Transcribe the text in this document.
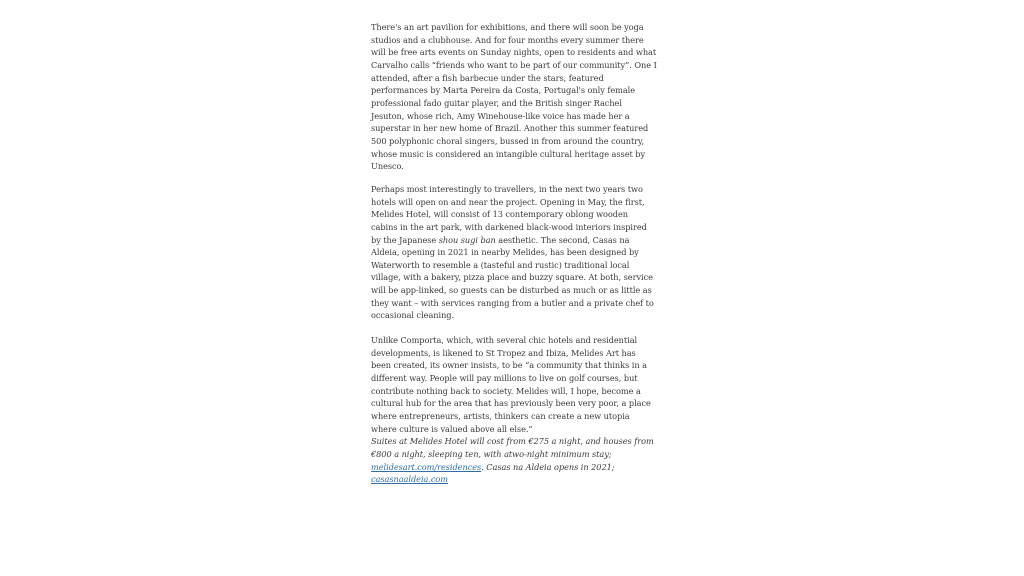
There's an art pavilion for exhibitions, and there will soon be yoga studios and a clubhouse. And for four months every summer there will be free arts events on Sunday nights, open to residents and what Carvalho calls “friends who want to be part of our community”. One I attended, after a fish barbecue under the stars, featured performances by Marta Pereira da Costa, Portugal's only female professional fado guitar player, and the British singer Rachel Jesuton, whose rich, Amy Winehouse-like voice has made her a superstar in her new home of Brazil. Another this summer featured 500 polyphonic choral singers, bussed in from around the country, whose music is considered an intangible cultural heritage asset by Unesco.

Perhaps most interestingly to travellers, in the next two years two hotels will open on and near the project. Opening in May, the first, Melides Hotel, will consist of 13 contemporary oblong wooden cabins in the art park, with darkened black-wood interiors inspired by the Japanese shou sugi ban aesthetic. The second, Casas na Aldeia, opening in 2021 in nearby Melides, has been designed by Waterworth to resemble a (tasteful and rustic) traditional local village, with a bakery, pizza place and buzzy square. At both, service will be app-linked, so guests can be disturbed as much or as little as they want – with services ranging from a butler and a private chef to occasional cleaning.

Unlike Comporta, which, with several chic hotels and residential developments, is likened to St Tropez and Ibiza, Melides Art has been created, its owner insists, to be “a community that thinks in a different way. People will pay millions to live on golf courses, but contribute nothing back to society. Melides will, I hope, become a cultural hub for the area that has previously been very poor, a place where entrepreneurs, artists, thinkers can create a new utopia where culture is valued above all else.”

Suites at Melides Hotel will cost from €275 a night, and houses from €800 a night, sleeping ten, with atwo-night minimum stay; melidesart.com/residences. Casas na Aldeia opens in 2021; casasnaaldeia.com
